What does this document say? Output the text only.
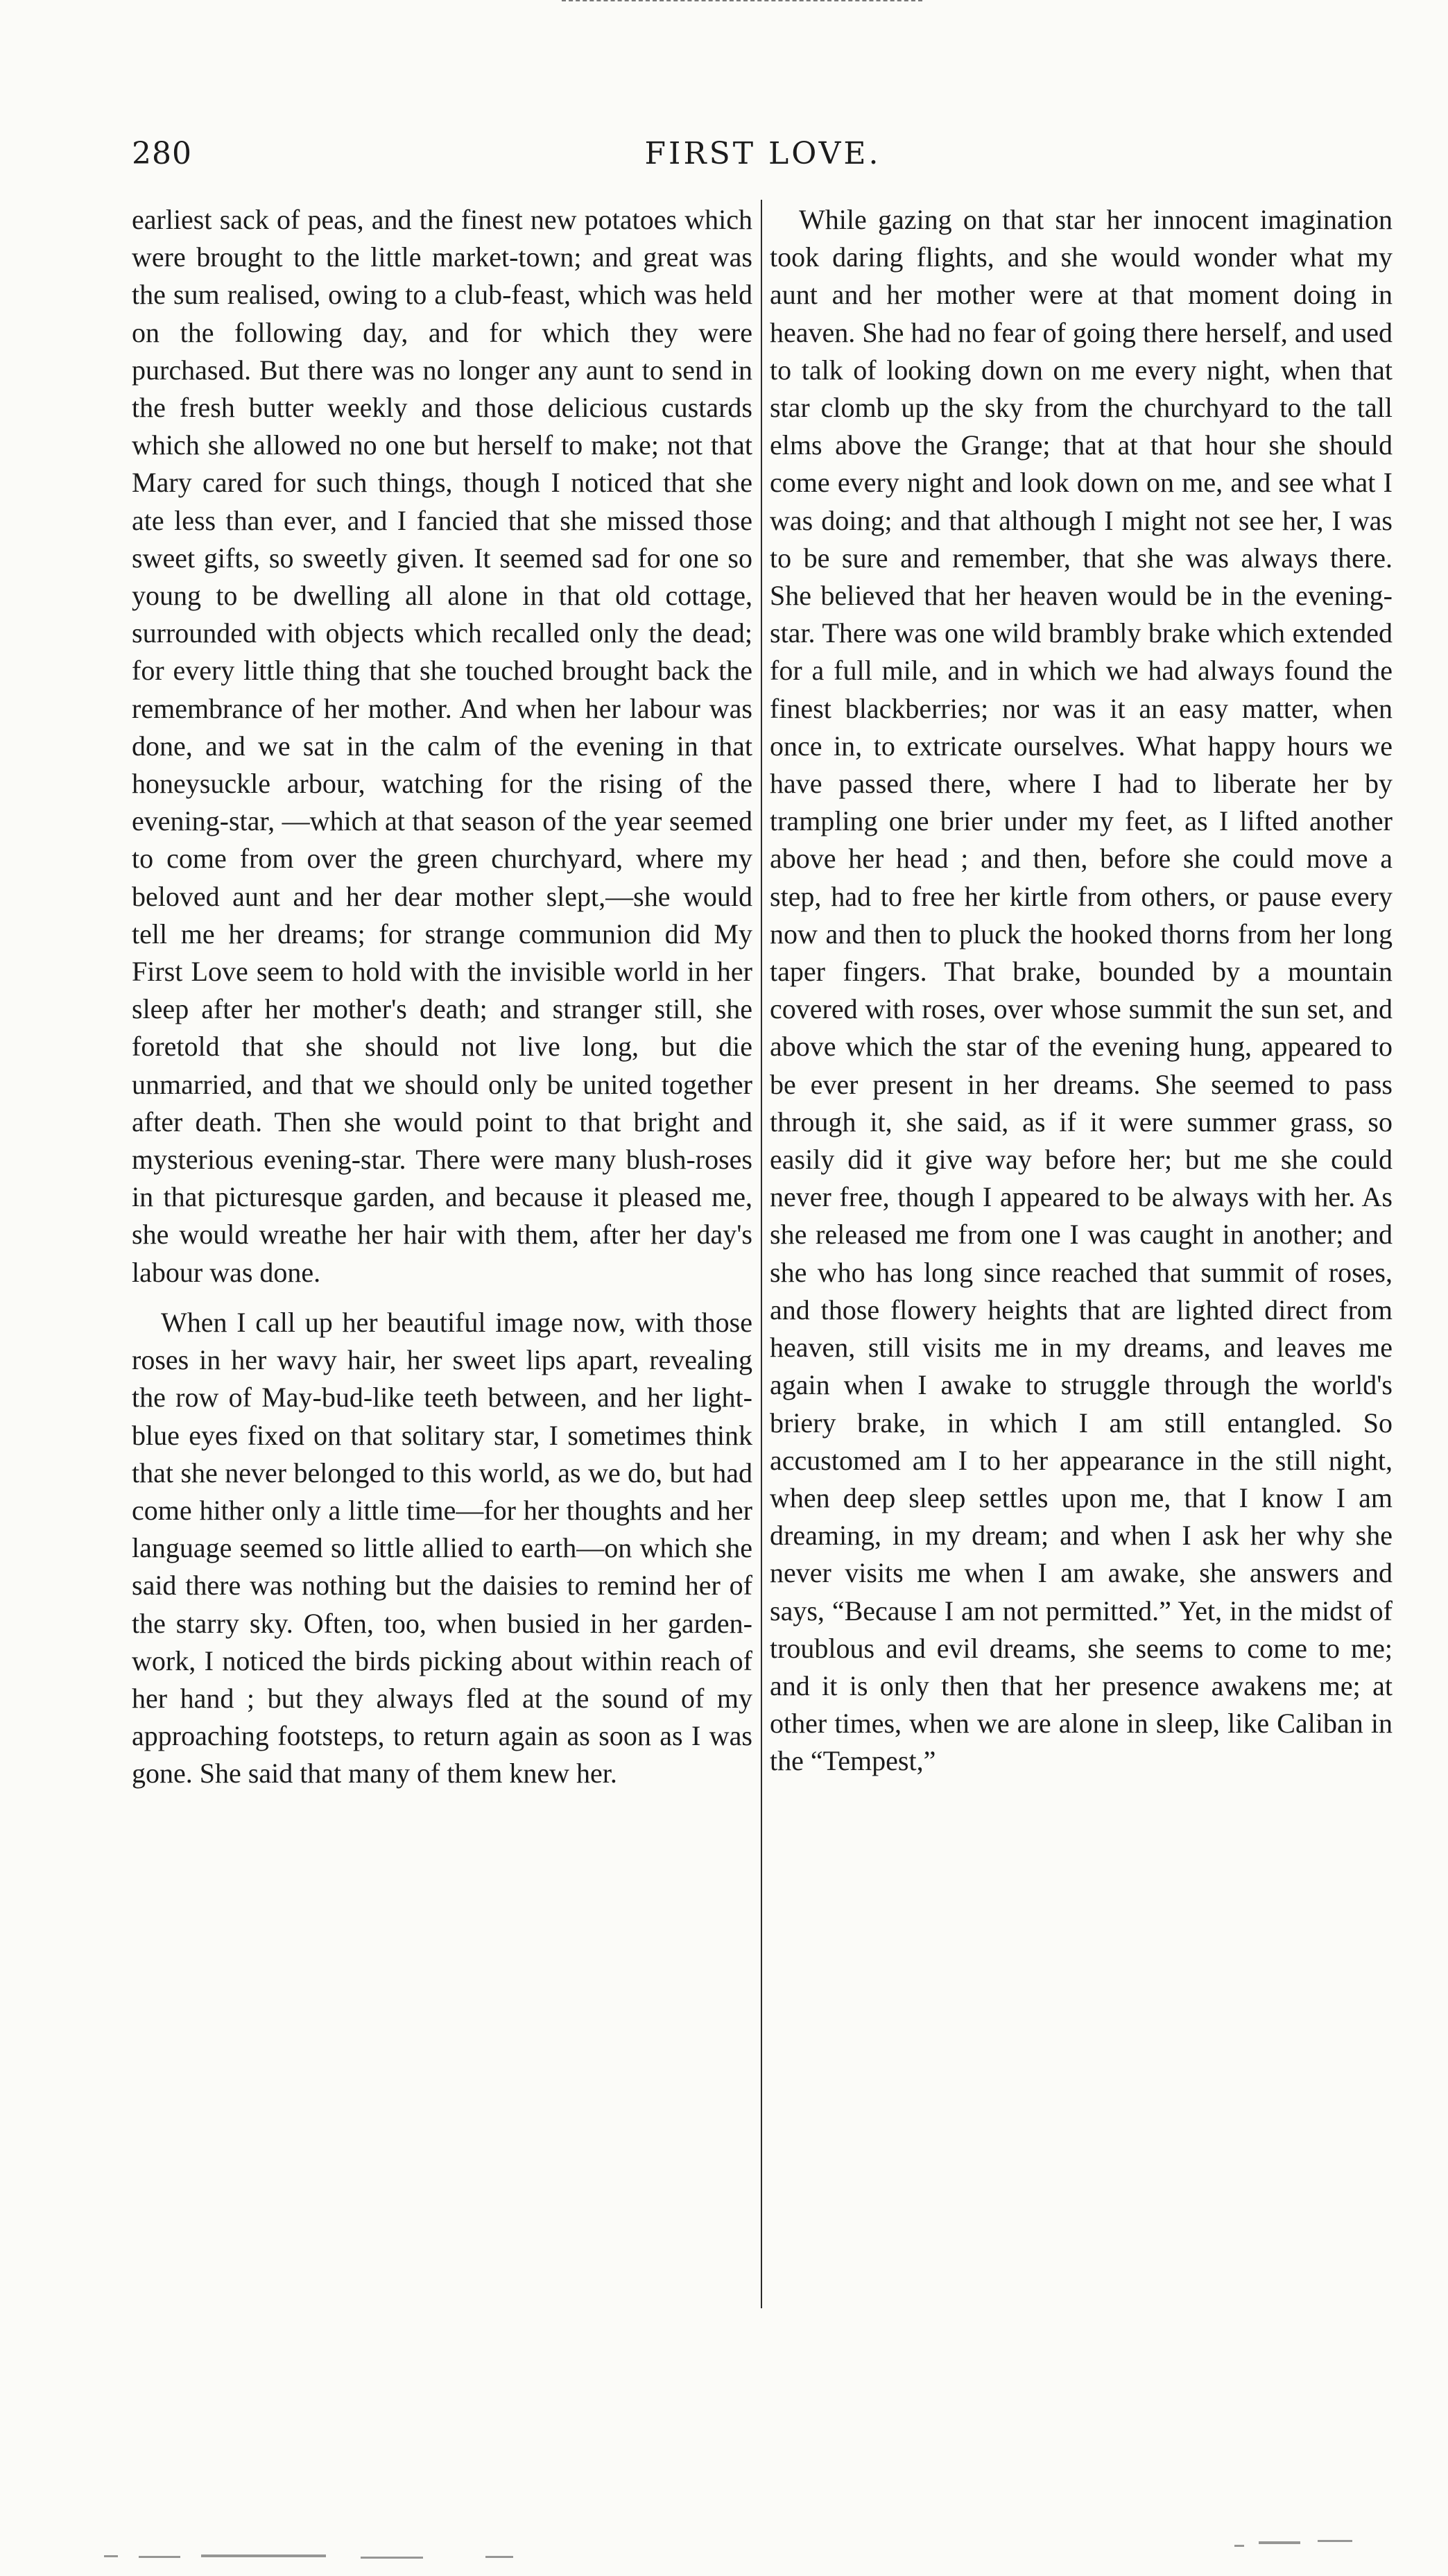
280	FIRST LOVE.

earliest sack of peas, and the finest new potatoes which were brought to the little market-town; and great was the sum realised, owing to a club-feast, which was held on the following day, and for which they were purchased. But there was no longer any aunt to send in the fresh butter weekly and those delicious custards which she allowed no one but herself to make; not that Mary cared for such things, though I noticed that she ate less than ever, and I fancied that she missed those sweet gifts, so sweetly given. It seemed sad for one so young to be dwelling all alone in that old cottage, surrounded with objects which recalled only the dead; for every little thing that she touched brought back the remembrance of her mother. And when her labour was done, and we sat in the calm of the evening in that honeysuckle arbour, watching for the rising of the evening-star, —which at that season of the year seemed to come from over the green churchyard, where my beloved aunt and her dear mother slept,—she would tell me her dreams; for strange communion did My First Love seem to hold with the invisible world in her sleep after her mother's death; and stranger still, she foretold that she should not live long, but die unmarried, and that we should only be united together after death. Then she would point to that bright and mysterious evening-star. There were many blush-roses in that picturesque garden, and because it pleased me, she would wreathe her hair with them, after her day's labour was done.

When I call up her beautiful image now, with those roses in her wavy hair, her sweet lips apart, revealing the row of May-bud-like teeth between, and her light-blue eyes fixed on that solitary star, I sometimes think that she never belonged to this world, as we do, but had come hither only a little time—for her thoughts and her language seemed so little allied to earth—on which she said there was nothing but the daisies to remind her of the starry sky. Often, too, when busied in her garden-work, I noticed the birds picking about within reach of her hand ; but they always fled at the sound of my approaching footsteps, to return again as soon as I was gone. She said that many of them knew her.

While gazing on that star her innocent imagination took daring flights, and she would wonder what my aunt and her mother were at that moment doing in heaven. She had no fear of going there herself, and used to talk of looking down on me every night, when that star clomb up the sky from the churchyard to the tall elms above the Grange; that at that hour she should come every night and look down on me, and see what I was doing; and that although I might not see her, I was to be sure and remember, that she was always there. She believed that her heaven would be in the evening-star. There was one wild brambly brake which extended for a full mile, and in which we had always found the finest blackberries; nor was it an easy matter, when once in, to extricate ourselves. What happy hours we have passed there, where I had to liberate her by trampling one brier under my feet, as I lifted another above her head ; and then, before she could move a step, had to free her kirtle from others, or pause every now and then to pluck the hooked thorns from her long taper fingers. That brake, bounded by a mountain covered with roses, over whose summit the sun set, and above which the star of the evening hung, appeared to be ever present in her dreams. She seemed to pass through it, she said, as if it were summer grass, so easily did it give way before her; but me she could never free, though I appeared to be always with her. As she released me from one I was caught in another; and she who has long since reached that summit of roses, and those flowery heights that are lighted direct from heaven, still visits me in my dreams, and leaves me again when I awake to struggle through the world's briery brake, in which I am still entangled. So accustomed am I to her appearance in the still night, when deep sleep settles upon me, that I know I am dreaming, in my dream; and when I ask her why she never visits me when I am awake, she answers and says, “Because I am not permitted.” Yet, in the midst of troublous and evil dreams, she seems to come to me; and it is only then that her presence awakens me; at other times, when we are alone in sleep, like Caliban in the “Tempest,”
